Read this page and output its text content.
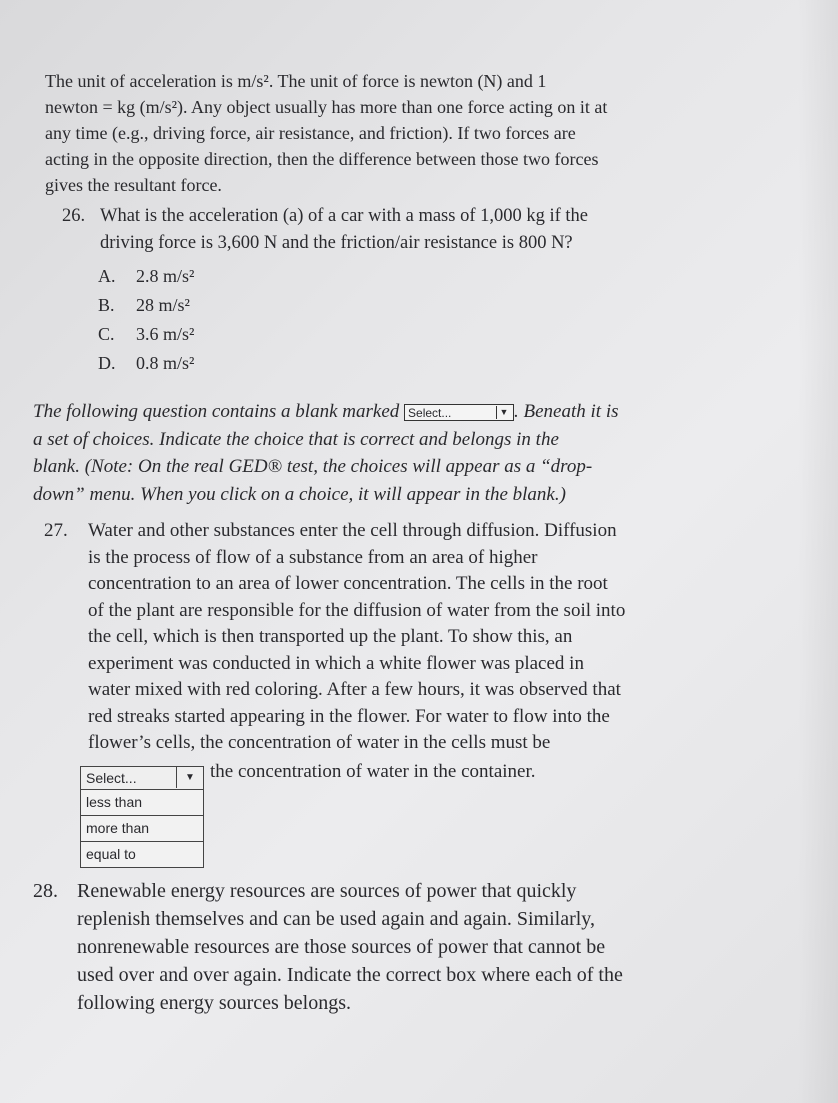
The unit of acceleration is m/s². The unit of force is newton (N) and 1

newton = kg (m/s²). Any object usually has more than one force acting on it at

any time (e.g., driving force, air resistance, and friction). If two forces are

acting in the opposite direction, then the difference between those two forces

gives the resultant force.

26. What is the acceleration (a) of a car with a mass of 1,000 kg if the
driving force is 3,600 N and the friction/air resistance is 800 N?
A.	2.8 m/s²
B.	28 m/s²
C.	3.6 m/s²
D.	0.8 m/s²

The following question contains a blank marked Select...	▼ . Beneath it is

a set of choices. Indicate the choice that is correct and belongs in the

blank. (Note: On the real GED® test, the choices will appear as a “drop-

down” menu. When you click on a choice, it will appear in the blank.)

27. Water and other substances enter the cell through diffusion. Diffusion
is the process of flow of a substance from an area of higher
concentration to an area of lower concentration. The cells in the root
of the plant are responsible for the diffusion of water from the soil into
the cell, which is then transported up the plant. To show this, an
experiment was conducted in which a white flower was placed in
water mixed with red coloring. After a few hours, it was observed that
red streaks started appearing in the flower. For water to flow into the
flower’s cells, the concentration of water in the cells must be
Select...	▼
less than
more than
equal to
the concentration of water in the container.
28. Renewable energy resources are sources of power that quickly
replenish themselves and can be used again and again. Similarly,
nonrenewable resources are those sources of power that cannot be
used over and over again. Indicate the correct box where each of the
following energy sources belongs.
